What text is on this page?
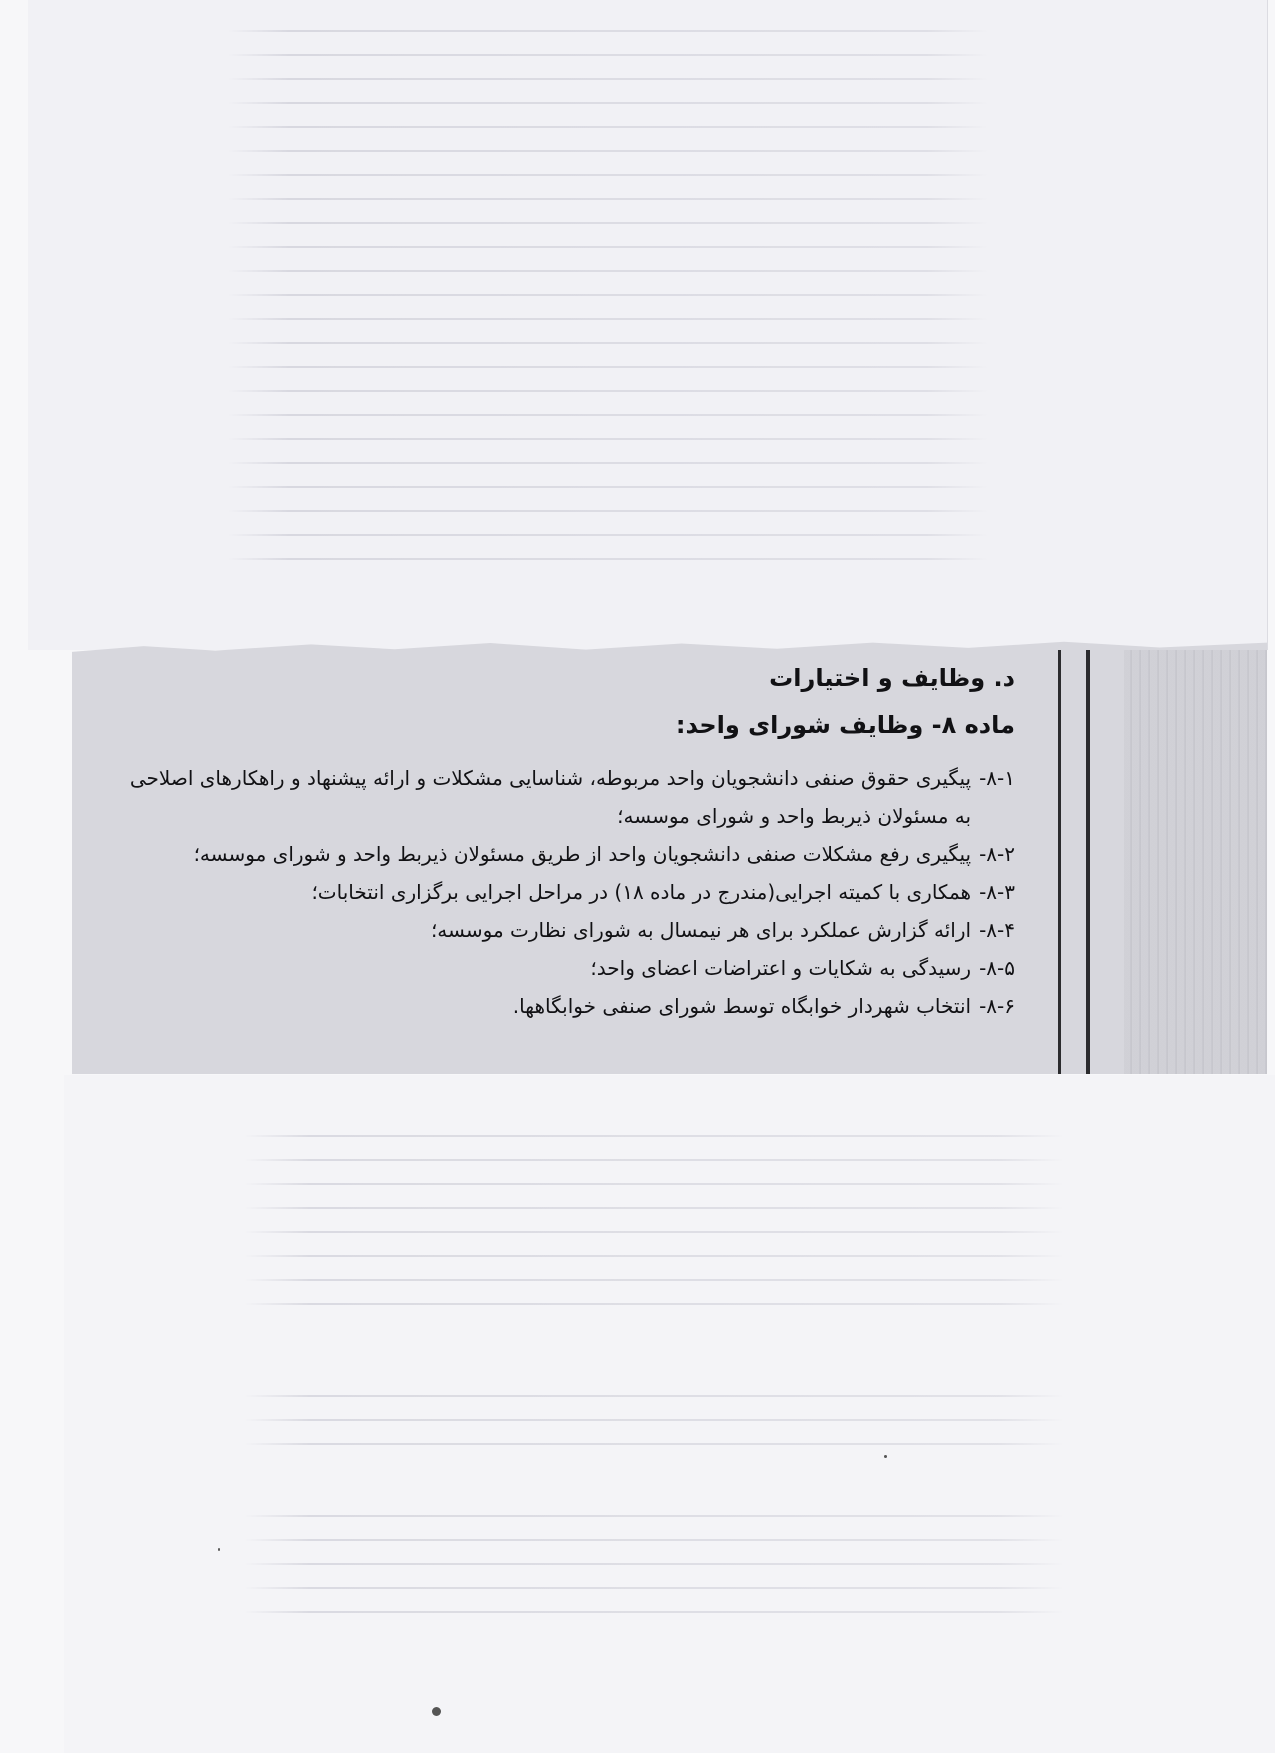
د. وظایف و اختیارات
ماده ۸- وظایف شورای واحد:
۸-۱-
پیگیری حقوق صنفی دانشجویان واحد مربوطه، شناسایی مشکلات و ارائه پیشنهاد و راهکارهای اصلاحی به مسئولان ذیربط واحد و شورای موسسه؛
۸-۲-
پیگیری رفع مشکلات صنفی دانشجویان واحد از طریق مسئولان ذیربط واحد و شورای موسسه؛
۸-۳-
همکاری با کمیته اجرایی(مندرج در ماده ۱۸) در مراحل اجرایی برگزاری انتخابات؛
۸-۴-
ارائه گزارش عملکرد برای هر نیمسال به شورای نظارت موسسه؛
۸-۵-
رسیدگی به شکایات و اعتراضات اعضای واحد؛
۸-۶-
انتخاب شهردار خوابگاه توسط شورای صنفی خوابگاهها.
